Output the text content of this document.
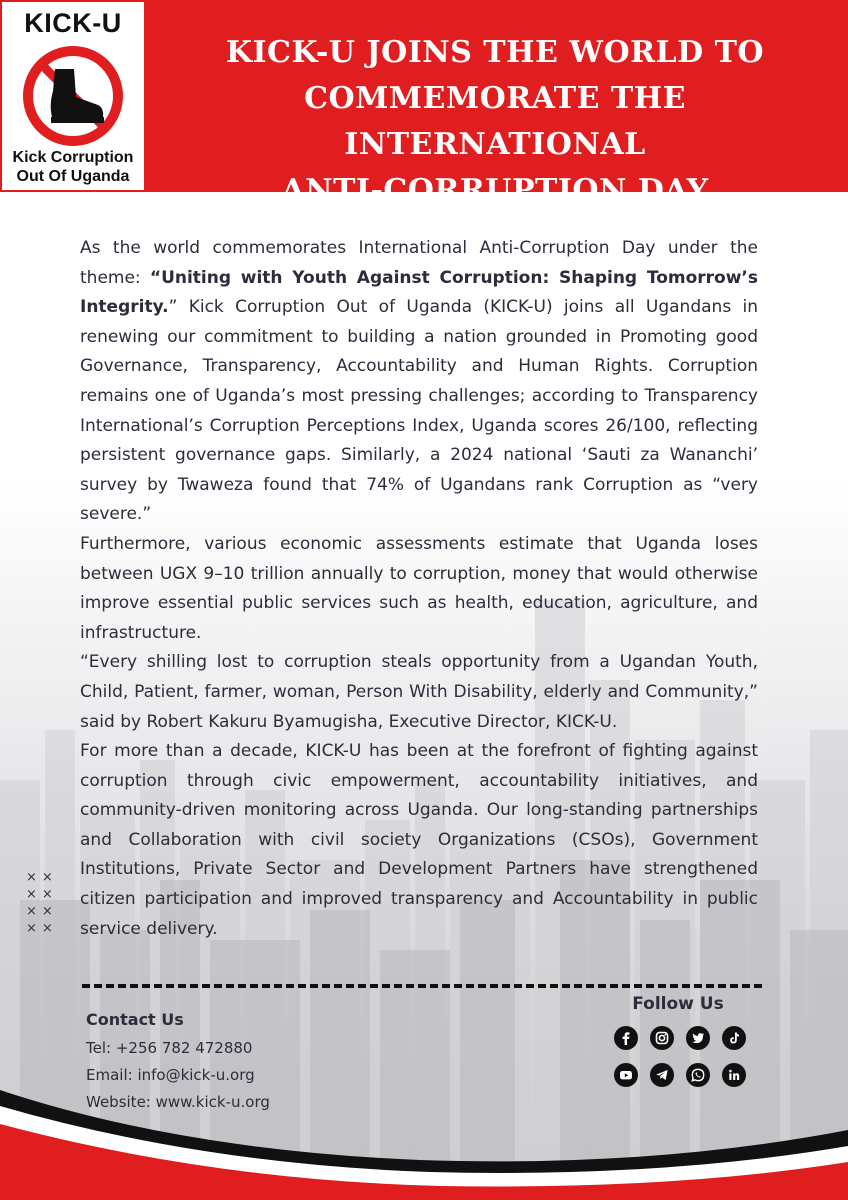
KICK-U
Kick Corruption
Out Of Uganda
KICK-U JOINS THE WORLD TO
COMMEMORATE THE INTERNATIONAL
ANTI-CORRUPTION DAY

As the world commemorates International Anti-Corruption Day under the theme: “Uniting with Youth Against Corruption: Shaping Tomorrow’s Integrity.” Kick Corruption Out of Uganda (KICK-U) joins all Ugandans in renewing our commitment to building a nation grounded in Promoting good Governance, Transparency, Accountability and Human Rights. Corruption remains one of Uganda’s most pressing challenges; according to Transparency International’s Corruption Perceptions Index, Uganda scores 26/100, reflecting persistent governance gaps. Similarly, a 2024 national ‘Sauti za Wananchi’ survey by Twaweza found that 74% of Ugandans rank Corruption as “very severe.”

Furthermore, various economic assessments estimate that Uganda loses between UGX 9–10 trillion annually to corruption, money that would otherwise improve essential public services such as health, education, agriculture, and infrastructure.

“Every shilling lost to corruption steals opportunity from a Ugandan Youth, Child, Patient, farmer, woman, Person With Disability, elderly and Community,” said by Robert Kakuru Byamugisha, Executive Director, KICK-U.

For more than a decade, KICK-U has been at the forefront of fighting against corruption through civic empowerment, accountability initiatives, and community-driven monitoring across Uganda. Our long-standing partnerships and Collaboration with civil society Organizations (CSOs), Government Institutions, Private Sector and Development Partners have strengthened citizen participation and improved transparency and Accountability in public service delivery.

××
××
××
××
Contact Us
Tel: +256 782 472880
Email: info@kick-u.org
Website: www.kick-u.org
Follow Us
